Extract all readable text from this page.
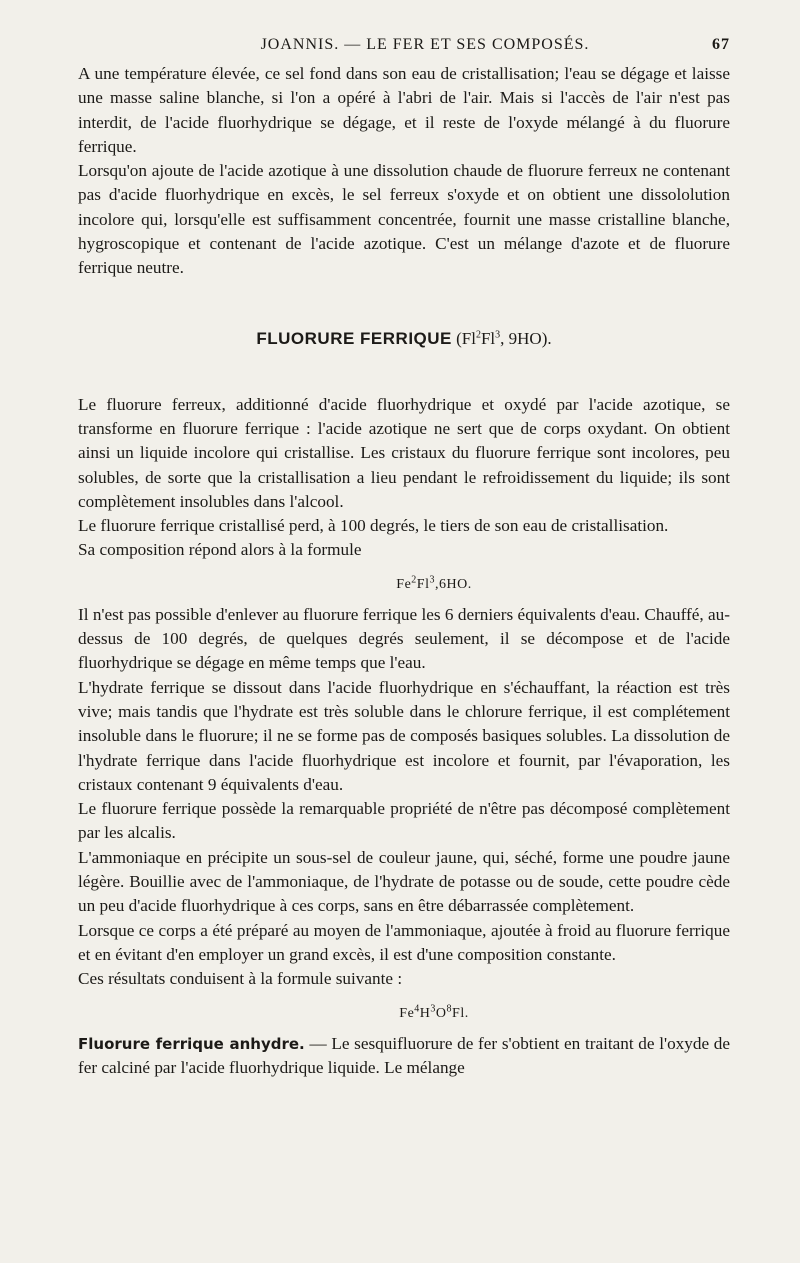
JOANNIS. — LE FER ET SES COMPOSÉS.	67

A une température élevée, ce sel fond dans son eau de cristallisation; l'eau se dégage et laisse une masse saline blanche, si l'on a opéré à l'abri de l'air. Mais si l'accès de l'air n'est pas interdit, de l'acide fluorhydrique se dégage, et il reste de l'oxyde mélangé à du fluorure ferrique.

Lorsqu'on ajoute de l'acide azotique à une dissolution chaude de fluorure ferreux ne contenant pas d'acide fluorhydrique en excès, le sel ferreux s'oxyde et on obtient une dissololution incolore qui, lorsqu'elle est suffisamment concentrée, fournit une masse cristalline blanche, hygroscopique et contenant de l'acide azotique. C'est un mélange d'azote et de fluorure ferrique neutre.

FLUORURE FERRIQUE (Fl$^2$Fl$^3$, 9HO).

Le fluorure ferreux, additionné d'acide fluorhydrique et oxydé par l'acide azotique, se transforme en fluorure ferrique : l'acide azotique ne sert que de corps oxydant. On obtient ainsi un liquide incolore qui cristallise. Les cristaux du fluorure ferrique sont incolores, peu solubles, de sorte que la cristallisation a lieu pendant le refroidissement du liquide; ils sont complètement insolubles dans l'alcool.

Le fluorure ferrique cristallisé perd, à 100 degrés, le tiers de son eau de cristallisation.

Sa composition répond alors à la formule

Fe$^2$Fl$^3$,6HO.

Il n'est pas possible d'enlever au fluorure ferrique les 6 derniers équivalents d'eau. Chauffé, au-dessus de 100 degrés, de quelques degrés seulement, il se décompose et de l'acide fluorhydrique se dégage en même temps que l'eau.

L'hydrate ferrique se dissout dans l'acide fluorhydrique en s'échauffant, la réaction est très vive; mais tandis que l'hydrate est très soluble dans le chlorure ferrique, il est complétement insoluble dans le fluorure; il ne se forme pas de composés basiques solubles. La dissolution de l'hydrate ferrique dans l'acide fluorhydrique est incolore et fournit, par l'évaporation, les cristaux contenant 9 équivalents d'eau.

Le fluorure ferrique possède la remarquable propriété de n'être pas décomposé complètement par les alcalis.

L'ammoniaque en précipite un sous-sel de couleur jaune, qui, séché, forme une poudre jaune légère. Bouillie avec de l'ammoniaque, de l'hydrate de potasse ou de soude, cette poudre cède un peu d'acide fluorhydrique à ces corps, sans en être débarrassée complètement.

Lorsque ce corps a été préparé au moyen de l'ammoniaque, ajoutée à froid au fluorure ferrique et en évitant d'en employer un grand excès, il est d'une composition constante.

Ces résultats conduisent à la formule suivante :

$Fe^4H^3O^8Fl$.

Fluorure ferrique anhydre. — Le sesquifluorure de fer s'obtient en traitant de l'oxyde de fer calciné par l'acide fluorhydrique liquide. Le mélange
